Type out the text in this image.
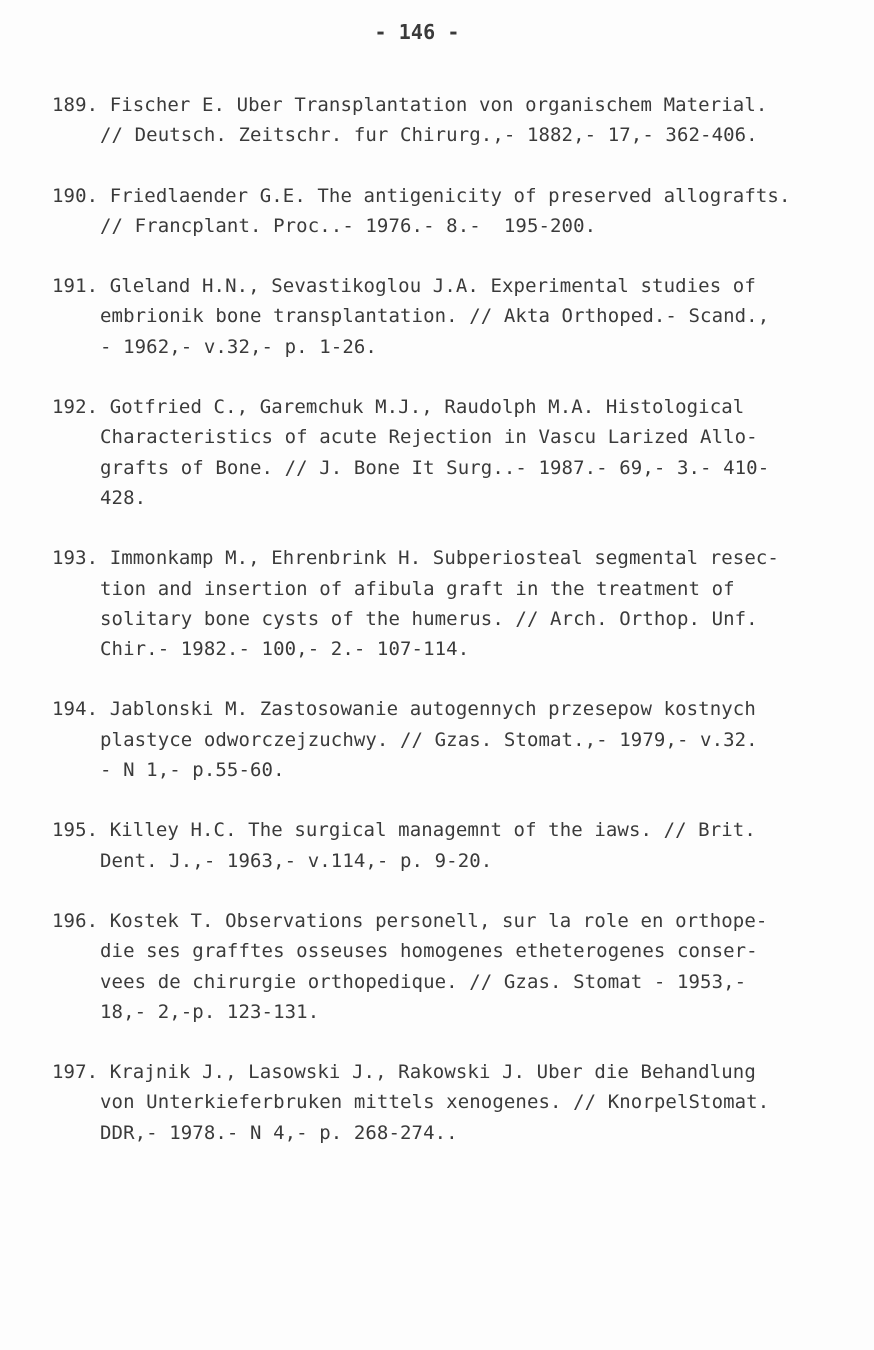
- 146 -
189. Fischer E. Uber Transplantation von organischem Material.
// Deutsch. Zeitschr. fur Chirurg.,- 1882,- 17,- 362-406.
190. Friedlaender G.E. The antigenicity of preserved allografts.
// Francplant. Proc..- 1976.- 8.-  195-200.
191. Gleland H.N., Sevastikoglou J.A. Experimental studies of
embrionik bone transplantation. // Akta Orthoped.- Scand.,
- 1962,- v.32,- p. 1-26.
192. Gotfried C., Garemchuk M.J., Raudolph M.A. Histological
Characteristics of acute Rejection in Vascu Larized Allo-
grafts of Bone. // J. Bone It Surg..- 1987.- 69,- 3.- 410-
428.
193. Immonkamp M., Ehrenbrink H. Subperiosteal segmental resec-
tion and insertion of afibula graft in the treatment of
solitary bone cysts of the humerus. // Arch. Orthop. Unf.
Chir.- 1982.- 100,- 2.- 107-114.
194. Jablonski M. Zastosowanie autogennych przesepow kostnych
plastyce odworczejzuchwy. // Gzas. Stomat.,- 1979,- v.32.
- N 1,- p.55-60.
195. Killey H.C. The surgical managemnt of the iaws. // Brit.
Dent. J.,- 1963,- v.114,- p. 9-20.
196. Kostek T. Observations personell, sur la role en orthope-
die ses grafftes osseuses homogenes etheterogenes conser-
vees de chirurgie orthopedique. // Gzas. Stomat - 1953,-
18,- 2,-p. 123-131.
197. Krajnik J., Lasowski J., Rakowski J. Uber die Behandlung
von Unterkieferbruken mittels xenogenes. // KnorpelStomat.
DDR,- 1978.- N 4,- p. 268-274..
